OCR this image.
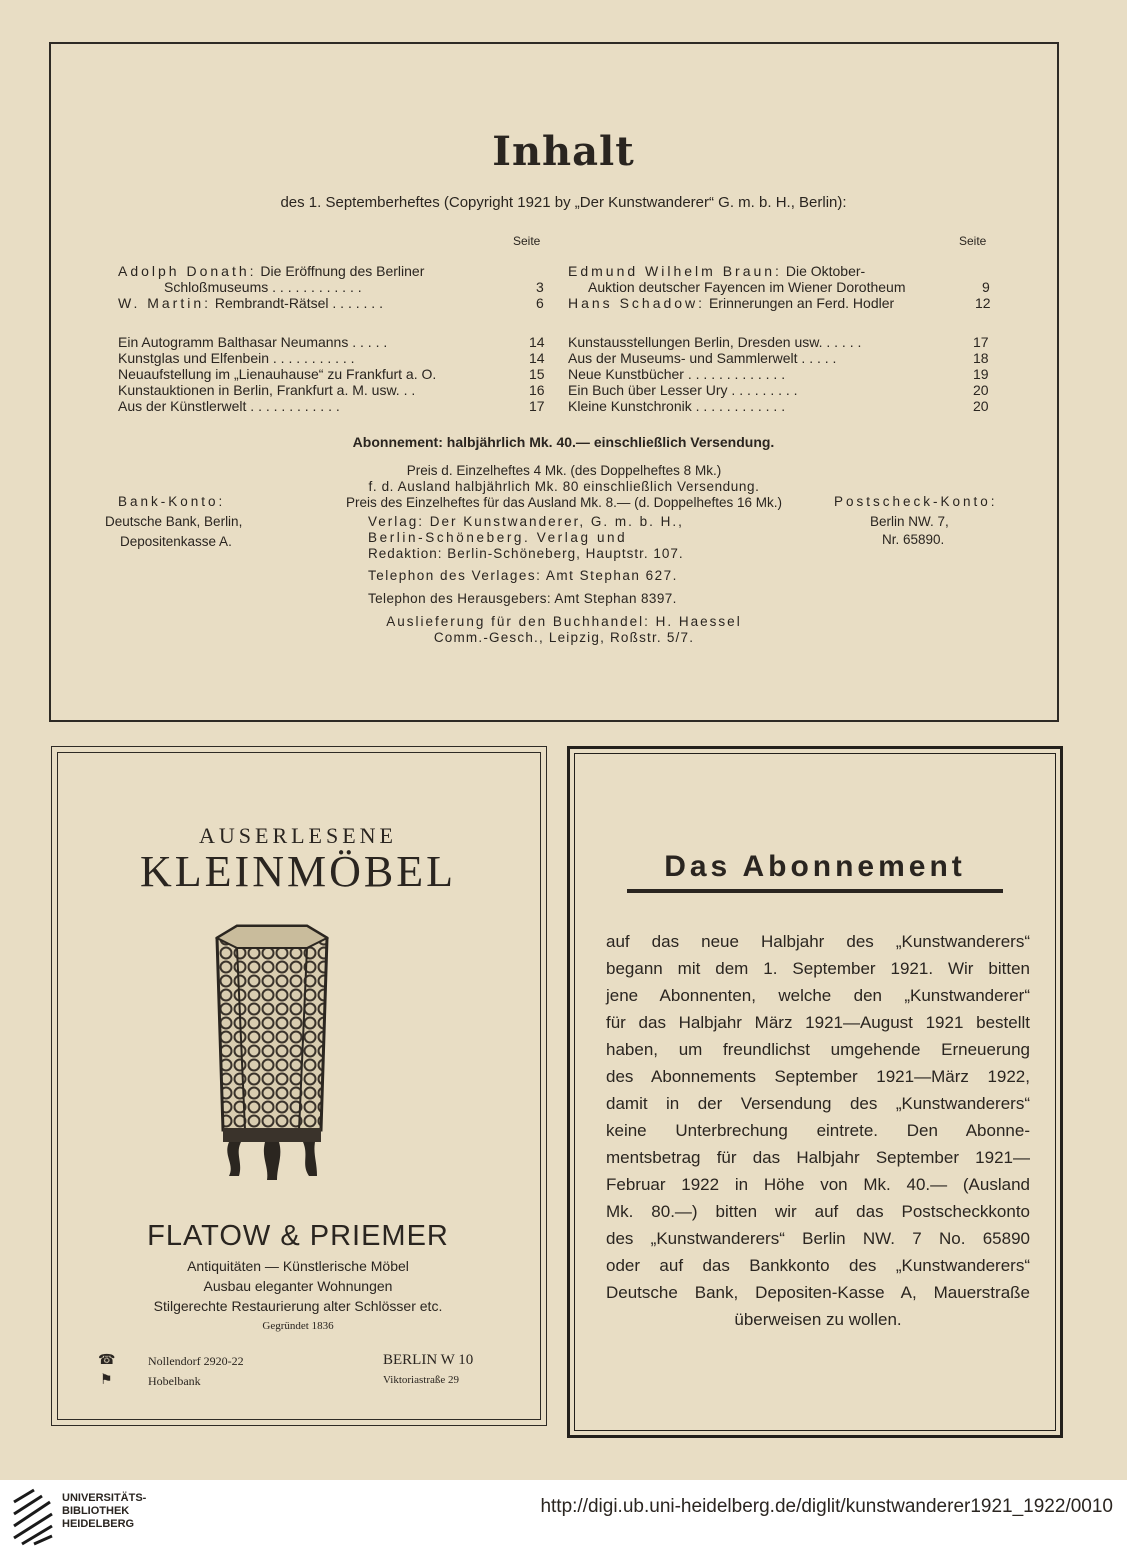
Inhalt
des 1. Septemberheftes (Copyright 1921 by „Der Kunstwanderer“ G. m. b. H., Berlin):
Seite	Seite
Adolph Donath: Die Eröffnung des Berliner
Schloßmuseums . . . . . . . . . . . .	3
W. Martin: Rembrandt-Rätsel . . . . . . .	6
Ein Autogramm Balthasar Neumanns . . . . .	14
Kunstglas und Elfenbein . . . . . . . . . . .	14
Neuaufstellung im „Lienauhause“ zu Frankfurt a. O.	15
Kunstauktionen in Berlin, Frankfurt a. M. usw. . .	16
Aus der Künstlerwelt . . . . . . . . . . . .	17
Edmund Wilhelm Braun: Die Oktober-
Auktion deutscher Fayencen im Wiener Dorotheum	9
Hans Schadow: Erinnerungen an Ferd. Hodler	12
Kunstausstellungen Berlin, Dresden usw. . . . . .	17
Aus der Museums- und Sammlerwelt . . . . .	18
Neue Kunstbücher . . . . . . . . . . . . .	19
Ein Buch über Lesser Ury . . . . . . . . .	20
Kleine Kunstchronik . . . . . . . . . . . .	20
Abonnement: halbjährlich Mk. 40.— einschließlich Versendung.
Preis d. Einzelheftes 4 Mk. (des Doppelheftes 8 Mk.)
f. d. Ausland halbjährlich Mk. 80 einschließlich Versendung.
Preis des Einzelheftes für das Ausland Mk. 8.— (d. Doppelheftes 16 Mk.)
Verlag: Der Kunstwanderer, G. m. b. H.,
Berlin-Schöneberg. Verlag und
Redaktion: Berlin-Schöneberg, Hauptstr. 107.
Telephon des Verlages: Amt Stephan 627.
Telephon des Herausgebers: Amt Stephan 8397.
Auslieferung für den Buchhandel: H. Haessel
Comm.-Gesch., Leipzig, Roßstr. 5/7.
Bank-Konto:
Deutsche Bank, Berlin,
Depositenkasse A.
Postscheck-Konto:
Berlin NW. 7,
Nr. 65890.
AUSERLESENE
KLEINMÖBEL
FLATOW & PRIEMER
Antiquitäten — Künstlerische Möbel
Ausbau eleganter Wohnungen
Stilgerechte Restaurierung alter Schlösser etc.
Gegründet 1836
☎	Nollendorf 2920-22
⚑	Hobelbank
BERLIN W 10
Viktoriastraße 29
Das Abonnement
auf das neue Halbjahr des „Kunstwanderers“
begann mit dem 1. September 1921. Wir bitten
jene Abonnenten, welche den „Kunstwanderer“
für das Halbjahr März 1921—August 1921 bestellt
haben, um freundlichst umgehende Erneuerung
des Abonnements September 1921—März 1922,
damit in der Versendung des „Kunstwanderers“
keine Unterbrechung eintrete. Den Abonne-
mentsbetrag für das Halbjahr September 1921—
Februar 1922 in Höhe von Mk. 40.— (Ausland
Mk. 80.—) bitten wir auf das Postscheckkonto
des „Kunstwanderers“ Berlin NW. 7 No. 65890
oder auf das Bankkonto des „Kunstwanderers“
Deutsche Bank, Depositen-Kasse A, Mauerstraße
überweisen zu wollen.
UNIVERSITÄTS-
BIBLIOTHEK
HEIDELBERG
http://digi.ub.uni-heidelberg.de/diglit/kunstwanderer1921_1922/0010
